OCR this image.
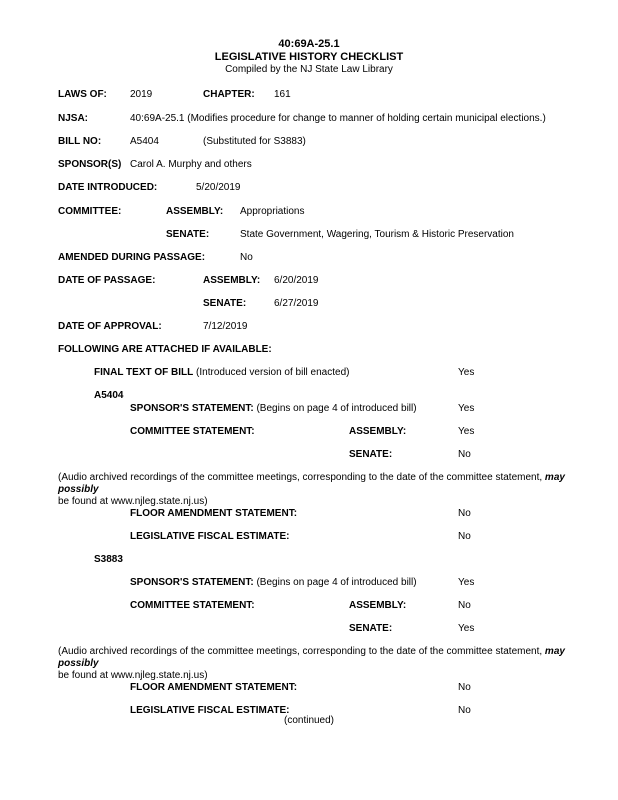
40:69A-25.1
LEGISLATIVE HISTORY CHECKLIST
Compiled by the NJ State Law Library
LAWS OF: 2019	CHAPTER: 161
NJSA:	40:69A-25.1 (Modifies procedure for change to manner of holding certain municipal elections.)
BILL NO:	A5404	(Substituted for S3883)
SPONSOR(S) Carol A. Murphy and others
DATE INTRODUCED:	5/20/2019
COMMITTEE:	ASSEMBLY: Appropriations
SENATE:	State Government, Wagering, Tourism & Historic Preservation
AMENDED DURING PASSAGE:	No
DATE OF PASSAGE:	ASSEMBLY: 6/20/2019
SENATE:	6/27/2019
DATE OF APPROVAL:	7/12/2019
FOLLOWING ARE ATTACHED IF AVAILABLE:
FINAL TEXT OF BILL (Introduced version of bill enacted)	Yes
A5404
SPONSOR'S STATEMENT: (Begins on page 4 of introduced bill)	Yes
COMMITTEE STATEMENT:	ASSEMBLY:	Yes
SENATE:	No
(Audio archived recordings of the committee meetings, corresponding to the date of the committee statement, may possibly
be found at www.njleg.state.nj.us)
FLOOR AMENDMENT STATEMENT:	No
LEGISLATIVE FISCAL ESTIMATE:	No
S3883
SPONSOR'S STATEMENT: (Begins on page 4 of introduced bill)	Yes
COMMITTEE STATEMENT:	ASSEMBLY:	No
SENATE:	Yes
(Audio archived recordings of the committee meetings, corresponding to the date of the committee statement, may possibly
be found at www.njleg.state.nj.us)
FLOOR AMENDMENT STATEMENT:	No
LEGISLATIVE FISCAL ESTIMATE:	No
(continued)
